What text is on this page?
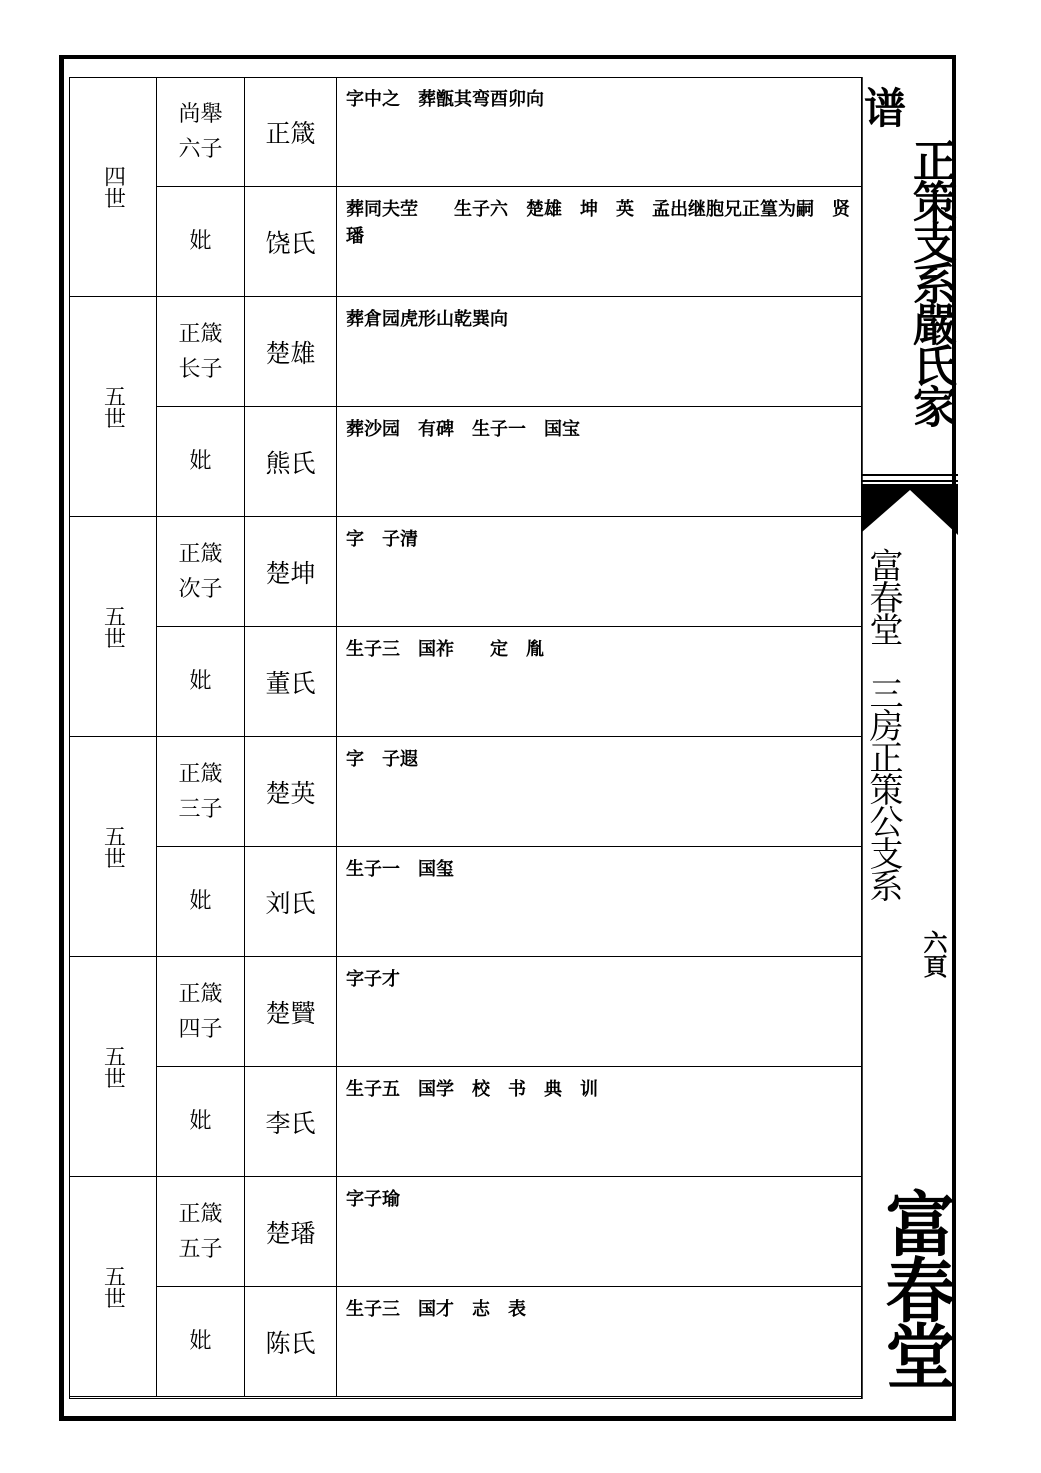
四世
尚舉
六子
正箴
字中之　葬甑其弯酉卯向
妣 饶氏
葬同夫茔　　生子六　楚雄　坤　英　孟出继胞兄正篁为嗣　贤　璠
五世
正箴
长子
楚雄
葬倉园虎形山乾巽向
妣 熊氏
葬沙园　有碑　生子一　国宝
五世
正箴
次子
楚坤
字　子清
妣 董氏
生子三　国祚　　定　胤
五世
正箴
三子
楚英
字　子遐
妣 刘氏
生子一　国玺
五世
正箴
四子
楚贒
字子才
妣 李氏
生子五　国学　校　书　典　训
五世
正箴
五子
楚璠
字子瑜
妣 陈氏
生子三　国才　志　表
谱
正策支系嚴氏家
富春堂　三房正策公支系
六頁
富春堂
